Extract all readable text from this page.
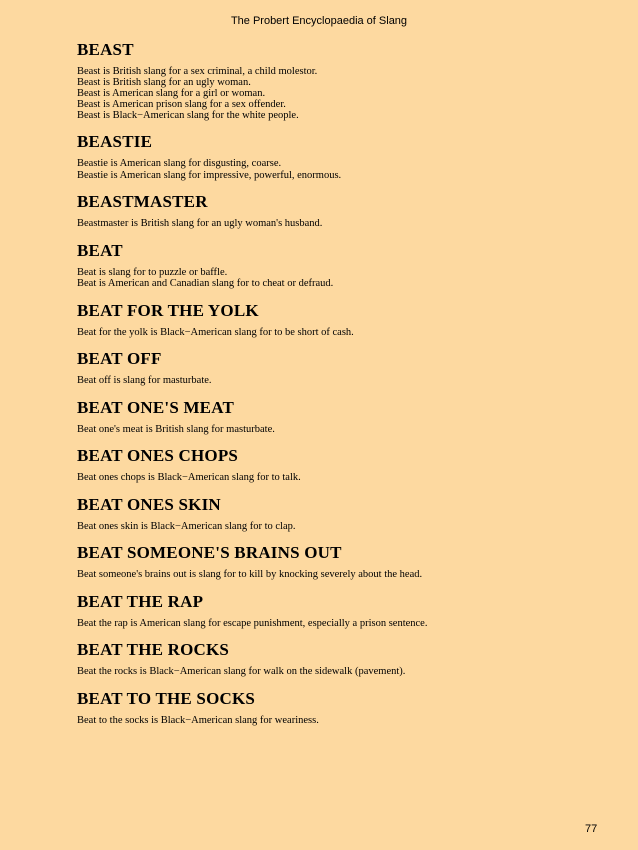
The Probert Encyclopaedia of Slang
BEAST

Beast is British slang for a sex criminal, a child molestor.

Beast is British slang for an ugly woman.

Beast is American slang for a girl or woman.

Beast is American prison slang for a sex offender.

Beast is Black−American slang for the white people.

BEASTIE

Beastie is American slang for disgusting, coarse.

Beastie is American slang for impressive, powerful, enormous.

BEASTMASTER

Beastmaster is British slang for an ugly woman's husband.

BEAT

Beat is slang for to puzzle or baffle.

Beat is American and Canadian slang for to cheat or defraud.

BEAT FOR THE YOLK

Beat for the yolk is Black−American slang for to be short of cash.

BEAT OFF

Beat off is slang for masturbate.

BEAT ONE'S MEAT

Beat one's meat is British slang for masturbate.

BEAT ONES CHOPS

Beat ones chops is Black−American slang for to talk.

BEAT ONES SKIN

Beat ones skin is Black−American slang for to clap.

BEAT SOMEONE'S BRAINS OUT

Beat someone's brains out is slang for to kill by knocking severely about the head.

BEAT THE RAP

Beat the rap is American slang for escape punishment, especially a prison sentence.

BEAT THE ROCKS

Beat the rocks is Black−American slang for walk on the sidewalk (pavement).

BEAT TO THE SOCKS

Beat to the socks is Black−American slang for weariness.

77
